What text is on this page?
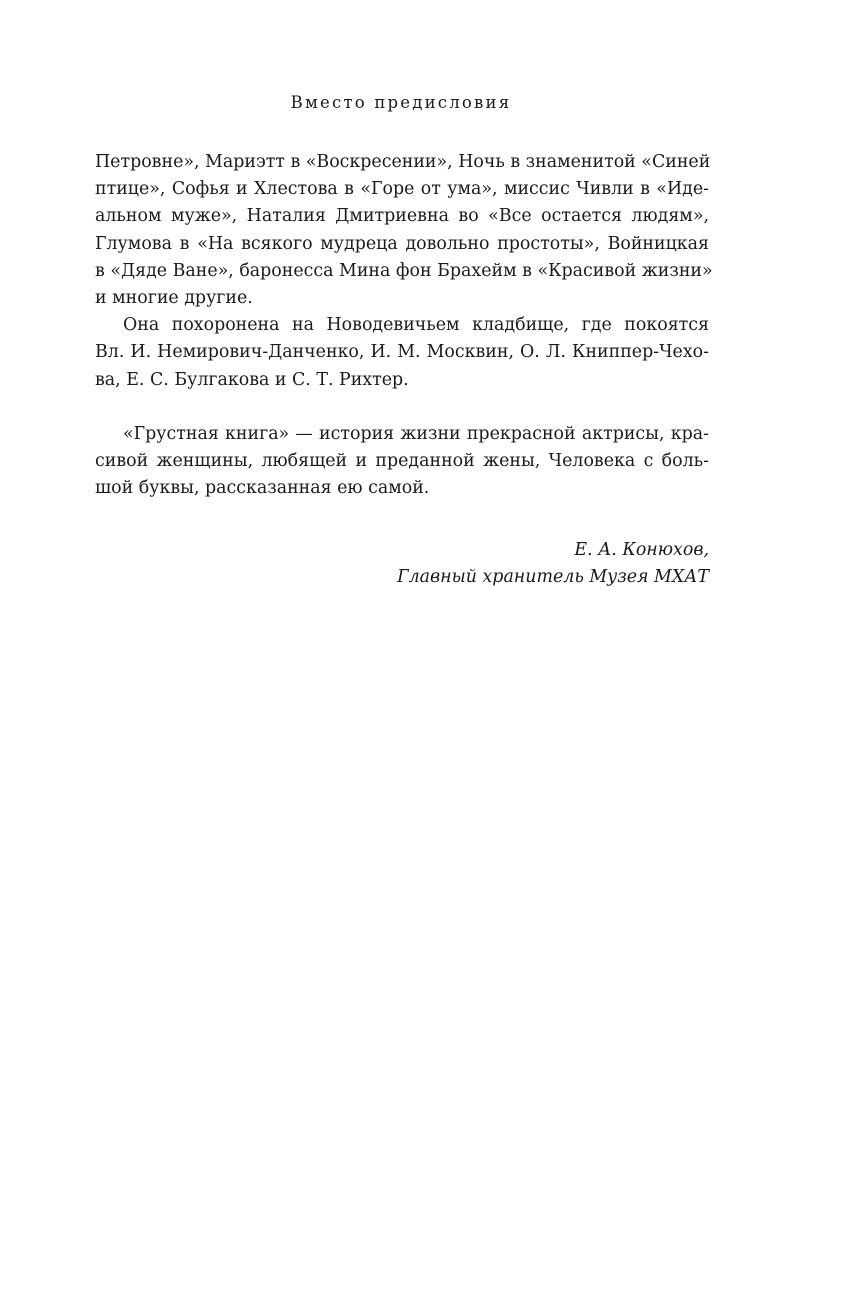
Вместо предисловия
Петровне», Мариэтт в «Воскресении», Ночь в знаменитой «Синей
птице», Софья и Хлестова в «Горе от ума», миссис Чивли в «Иде-
альном муже», Наталия Дмитриевна во «Все остается людям»,
Глумова в «На всякого мудреца довольно простоты», Войницкая
в «Дяде Ване», баронесса Мина фон Брахейм в «Красивой жизни»
и многие другие.
Она похоронена на Новодевичьем кладбище, где покоятся
Вл. И. Немирович-Данченко, И. М. Москвин, О. Л. Книппер-Чехо-
ва, Е. С. Булгакова и С. Т. Рихтер.
«Грустная книга» — история жизни прекрасной актрисы, кра-
сивой женщины, любящей и преданной жены, Человека с боль-
шой буквы, рассказанная ею самой.
Е. А. Конюхов,
Главный хранитель Музея МХАТ
